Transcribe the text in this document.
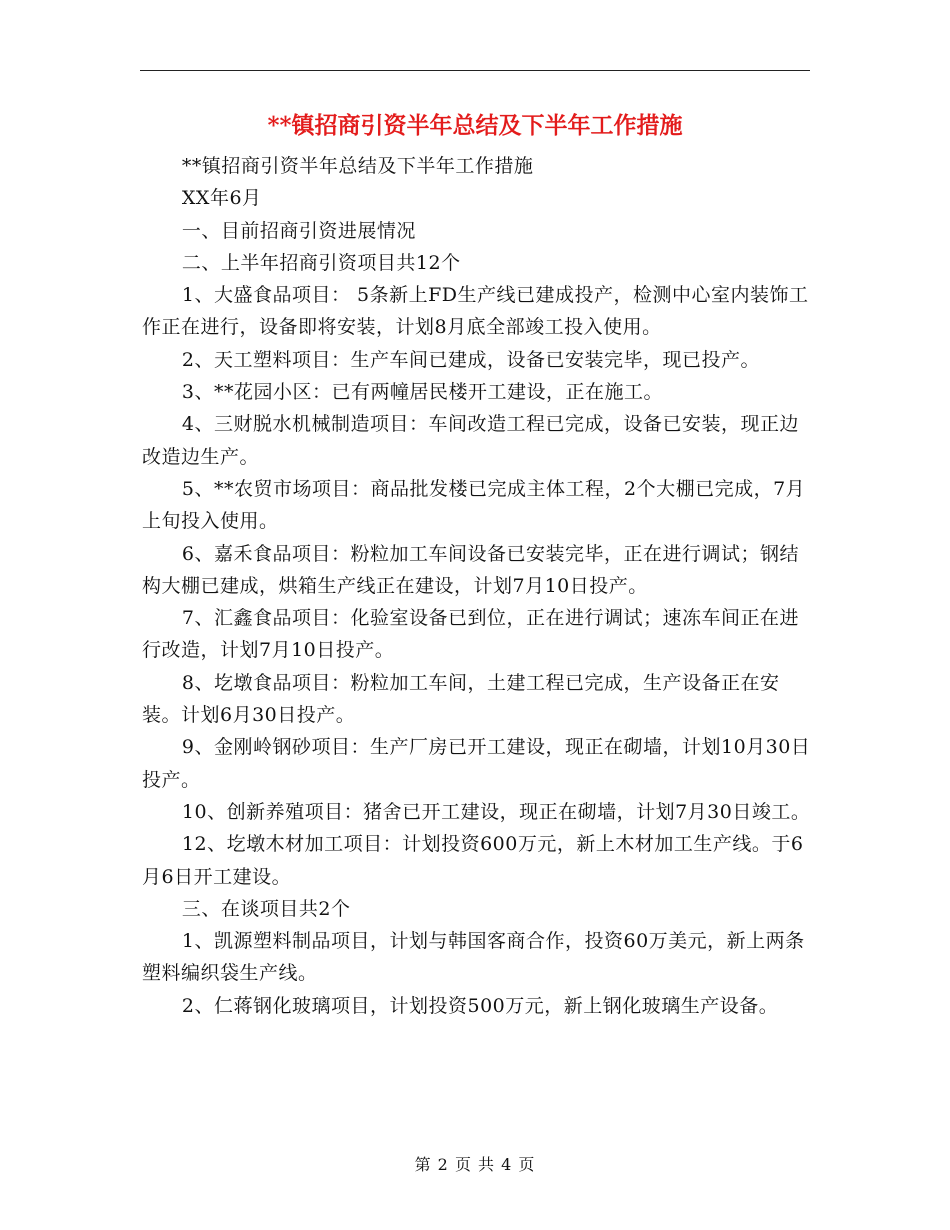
**镇招商引资半年总结及下半年工作措施

**镇招商引资半年总结及下半年工作措施

XX年6月

一、目前招商引资进展情况

二、上半年招商引资项目共12个

1、大盛食品项目： 5条新上FD生产线已建成投产，检测中心室内装饰工作正在进行，设备即将安装，计划8月底全部竣工投入使用。

2、天工塑料项目：生产车间已建成，设备已安装完毕，现已投产。

3、**花园小区：已有两幢居民楼开工建设，正在施工。

4、三财脱水机械制造项目：车间改造工程已完成，设备已安装，现正边改造边生产。

5、**农贸市场项目：商品批发楼已完成主体工程，2个大棚已完成，7月上旬投入使用。

6、嘉禾食品项目：粉粒加工车间设备已安装完毕，正在进行调试；钢结构大棚已建成，烘箱生产线正在建设，计划7月10日投产。

7、汇鑫食品项目：化验室设备已到位，正在进行调试；速冻车间正在进行改造，计划7月10日投产。

8、圪墩食品项目：粉粒加工车间，土建工程已完成，生产设备正在安装。计划6月30日投产。

9、金刚岭钢砂项目：生产厂房已开工建设，现正在砌墙，计划10月30日投产。

10、创新养殖项目：猪舍已开工建设，现正在砌墙，计划7月30日竣工。

12、圪墩木材加工项目：计划投资600万元，新上木材加工生产线。于6月6日开工建设。

三、在谈项目共2个

1、凯源塑料制品项目，计划与韩国客商合作，投资60万美元，新上两条塑料编织袋生产线。

2、仁蒋钢化玻璃项目，计划投资500万元，新上钢化玻璃生产设备。

第 2 页 共 4 页
